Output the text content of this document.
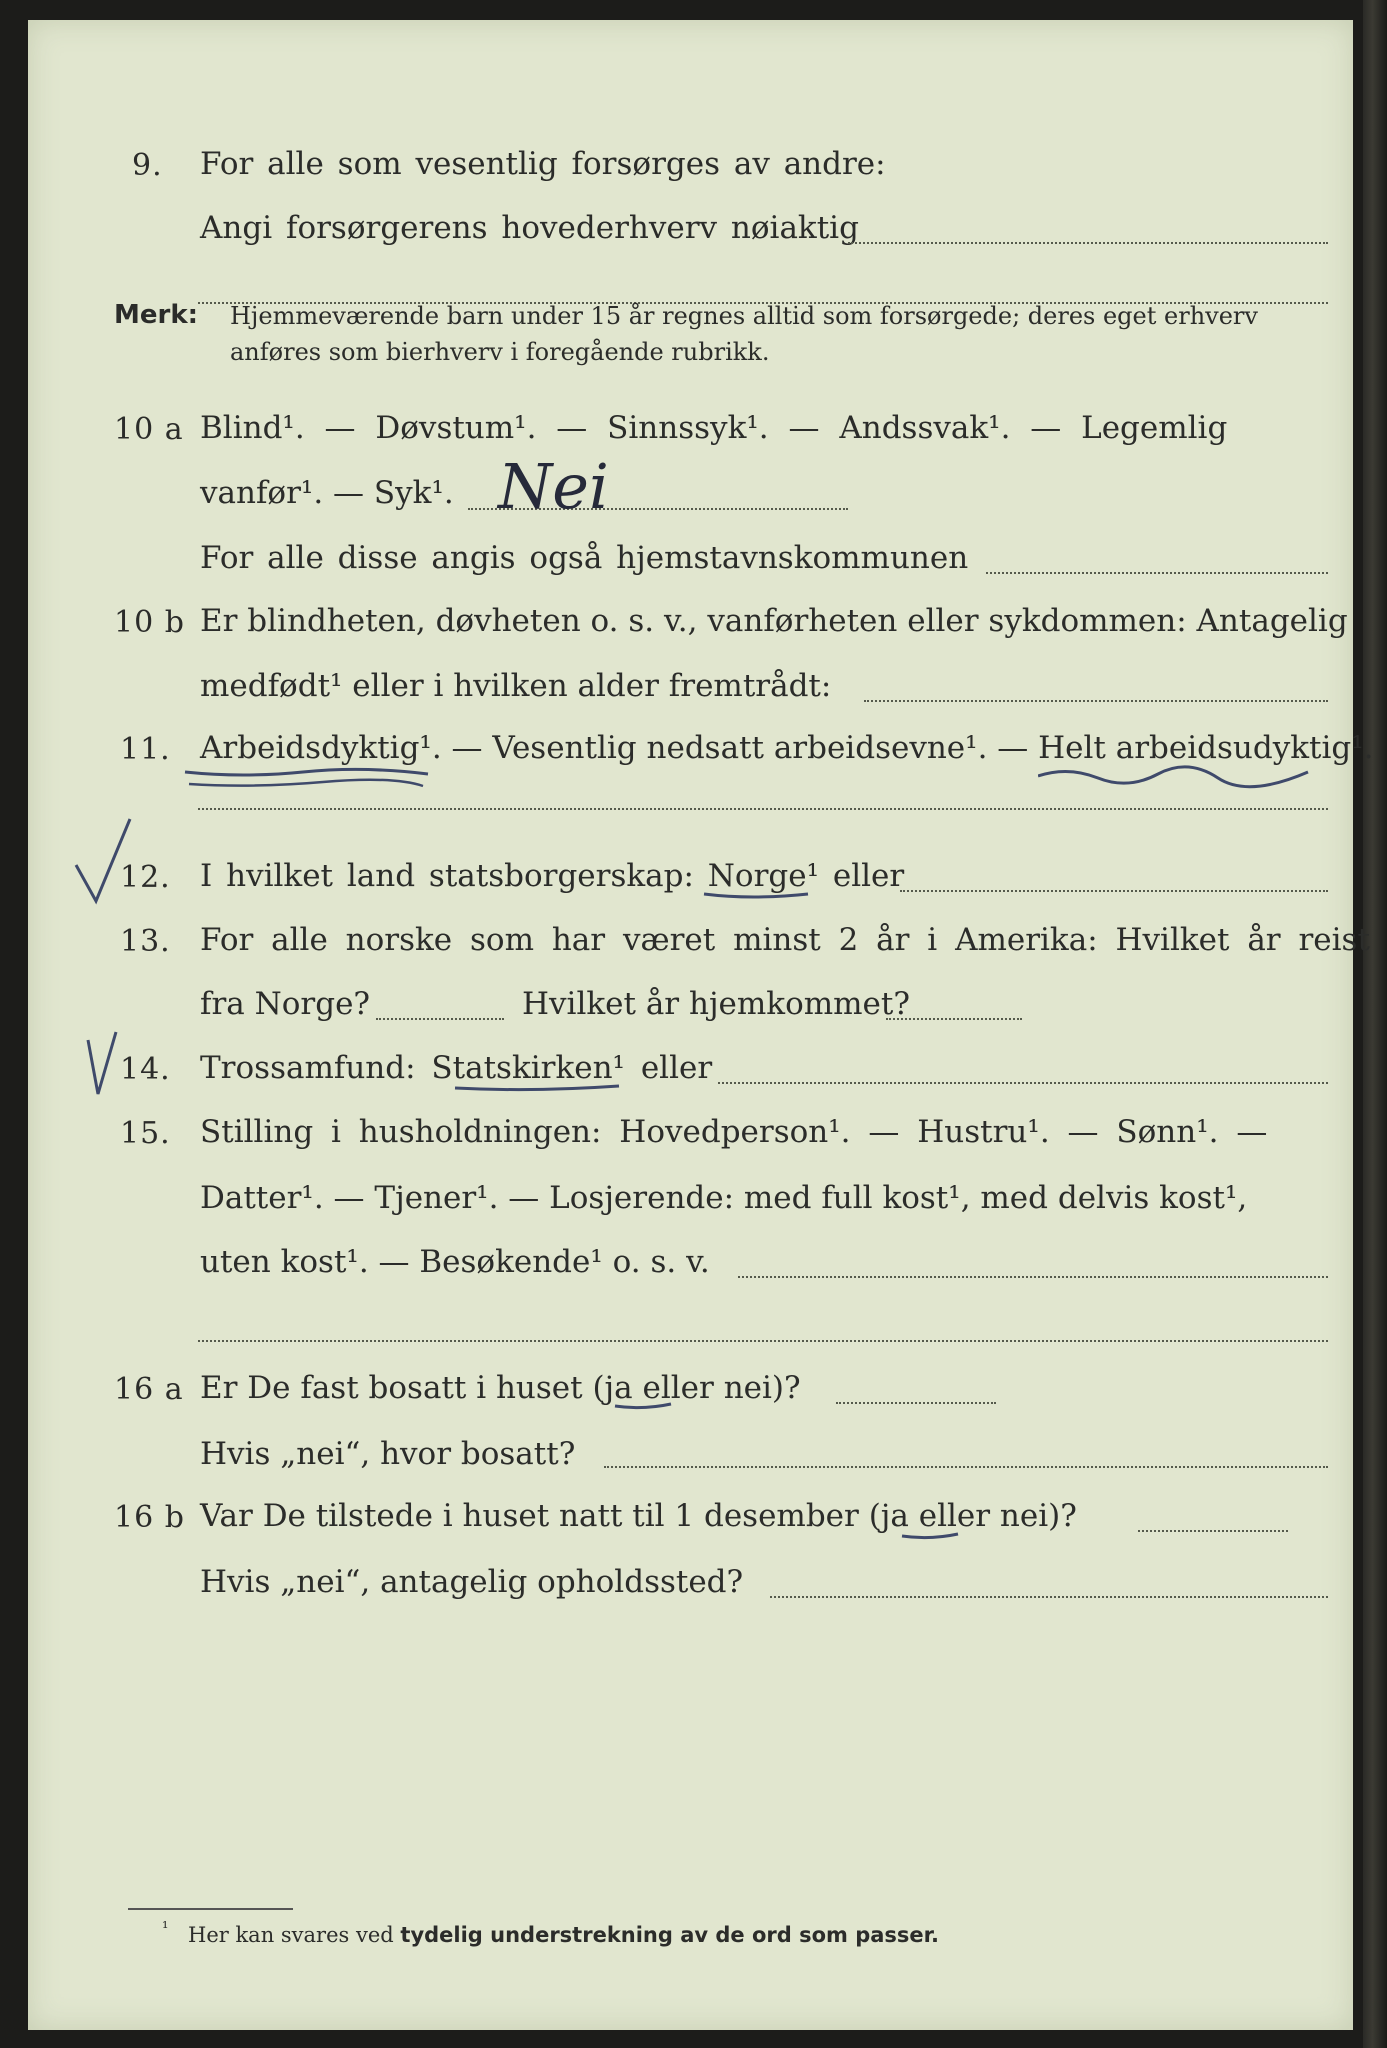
9. For alle som vesentlig forsørges av andre:
Angi forsørgerens hovederhverv nøiaktig
Merk: Hjemmeværende barn under 15 år regnes alltid som forsørgede; deres eget erhverv
anføres som bierhverv i foregående rubrikk.
10 a Blind¹. — Døvstum¹. — Sinnssyk¹. — Andssvak¹. — Legemlig
vanfør¹. — Syk¹. Nei
For alle disse angis også hjemstavnskommunen
10 b Er blindheten, døvheten o. s. v., vanførheten eller sykdommen: Antagelig
medfødt¹ eller i hvilken alder fremtrådt:
11. Arbeidsdyktig¹. — Vesentlig nedsatt arbeidsevne¹. — Helt arbeidsudyktig¹.
12. I hvilket land statsborgerskap: Norge¹ eller
13. For alle norske som har været minst 2 år i Amerika: Hvilket år reist
fra Norge?	Hvilket år hjemkommet?
14. Trossamfund: Statskirken¹ eller
15. Stilling i husholdningen: Hovedperson¹. — Hustru¹. — Sønn¹. —
Datter¹. — Tjener¹. — Losjerende: med full kost¹, med delvis kost¹,
uten kost¹. — Besøkende¹ o. s. v.
16 a Er De fast bosatt i huset (ja eller nei)?
Hvis „nei“, hvor bosatt?
16 b Var De tilstede i huset natt til 1 desember (ja eller nei)?
Hvis „nei“, antagelig opholdssted?
¹ Her kan svares ved tydelig understrekning av de ord som passer.
